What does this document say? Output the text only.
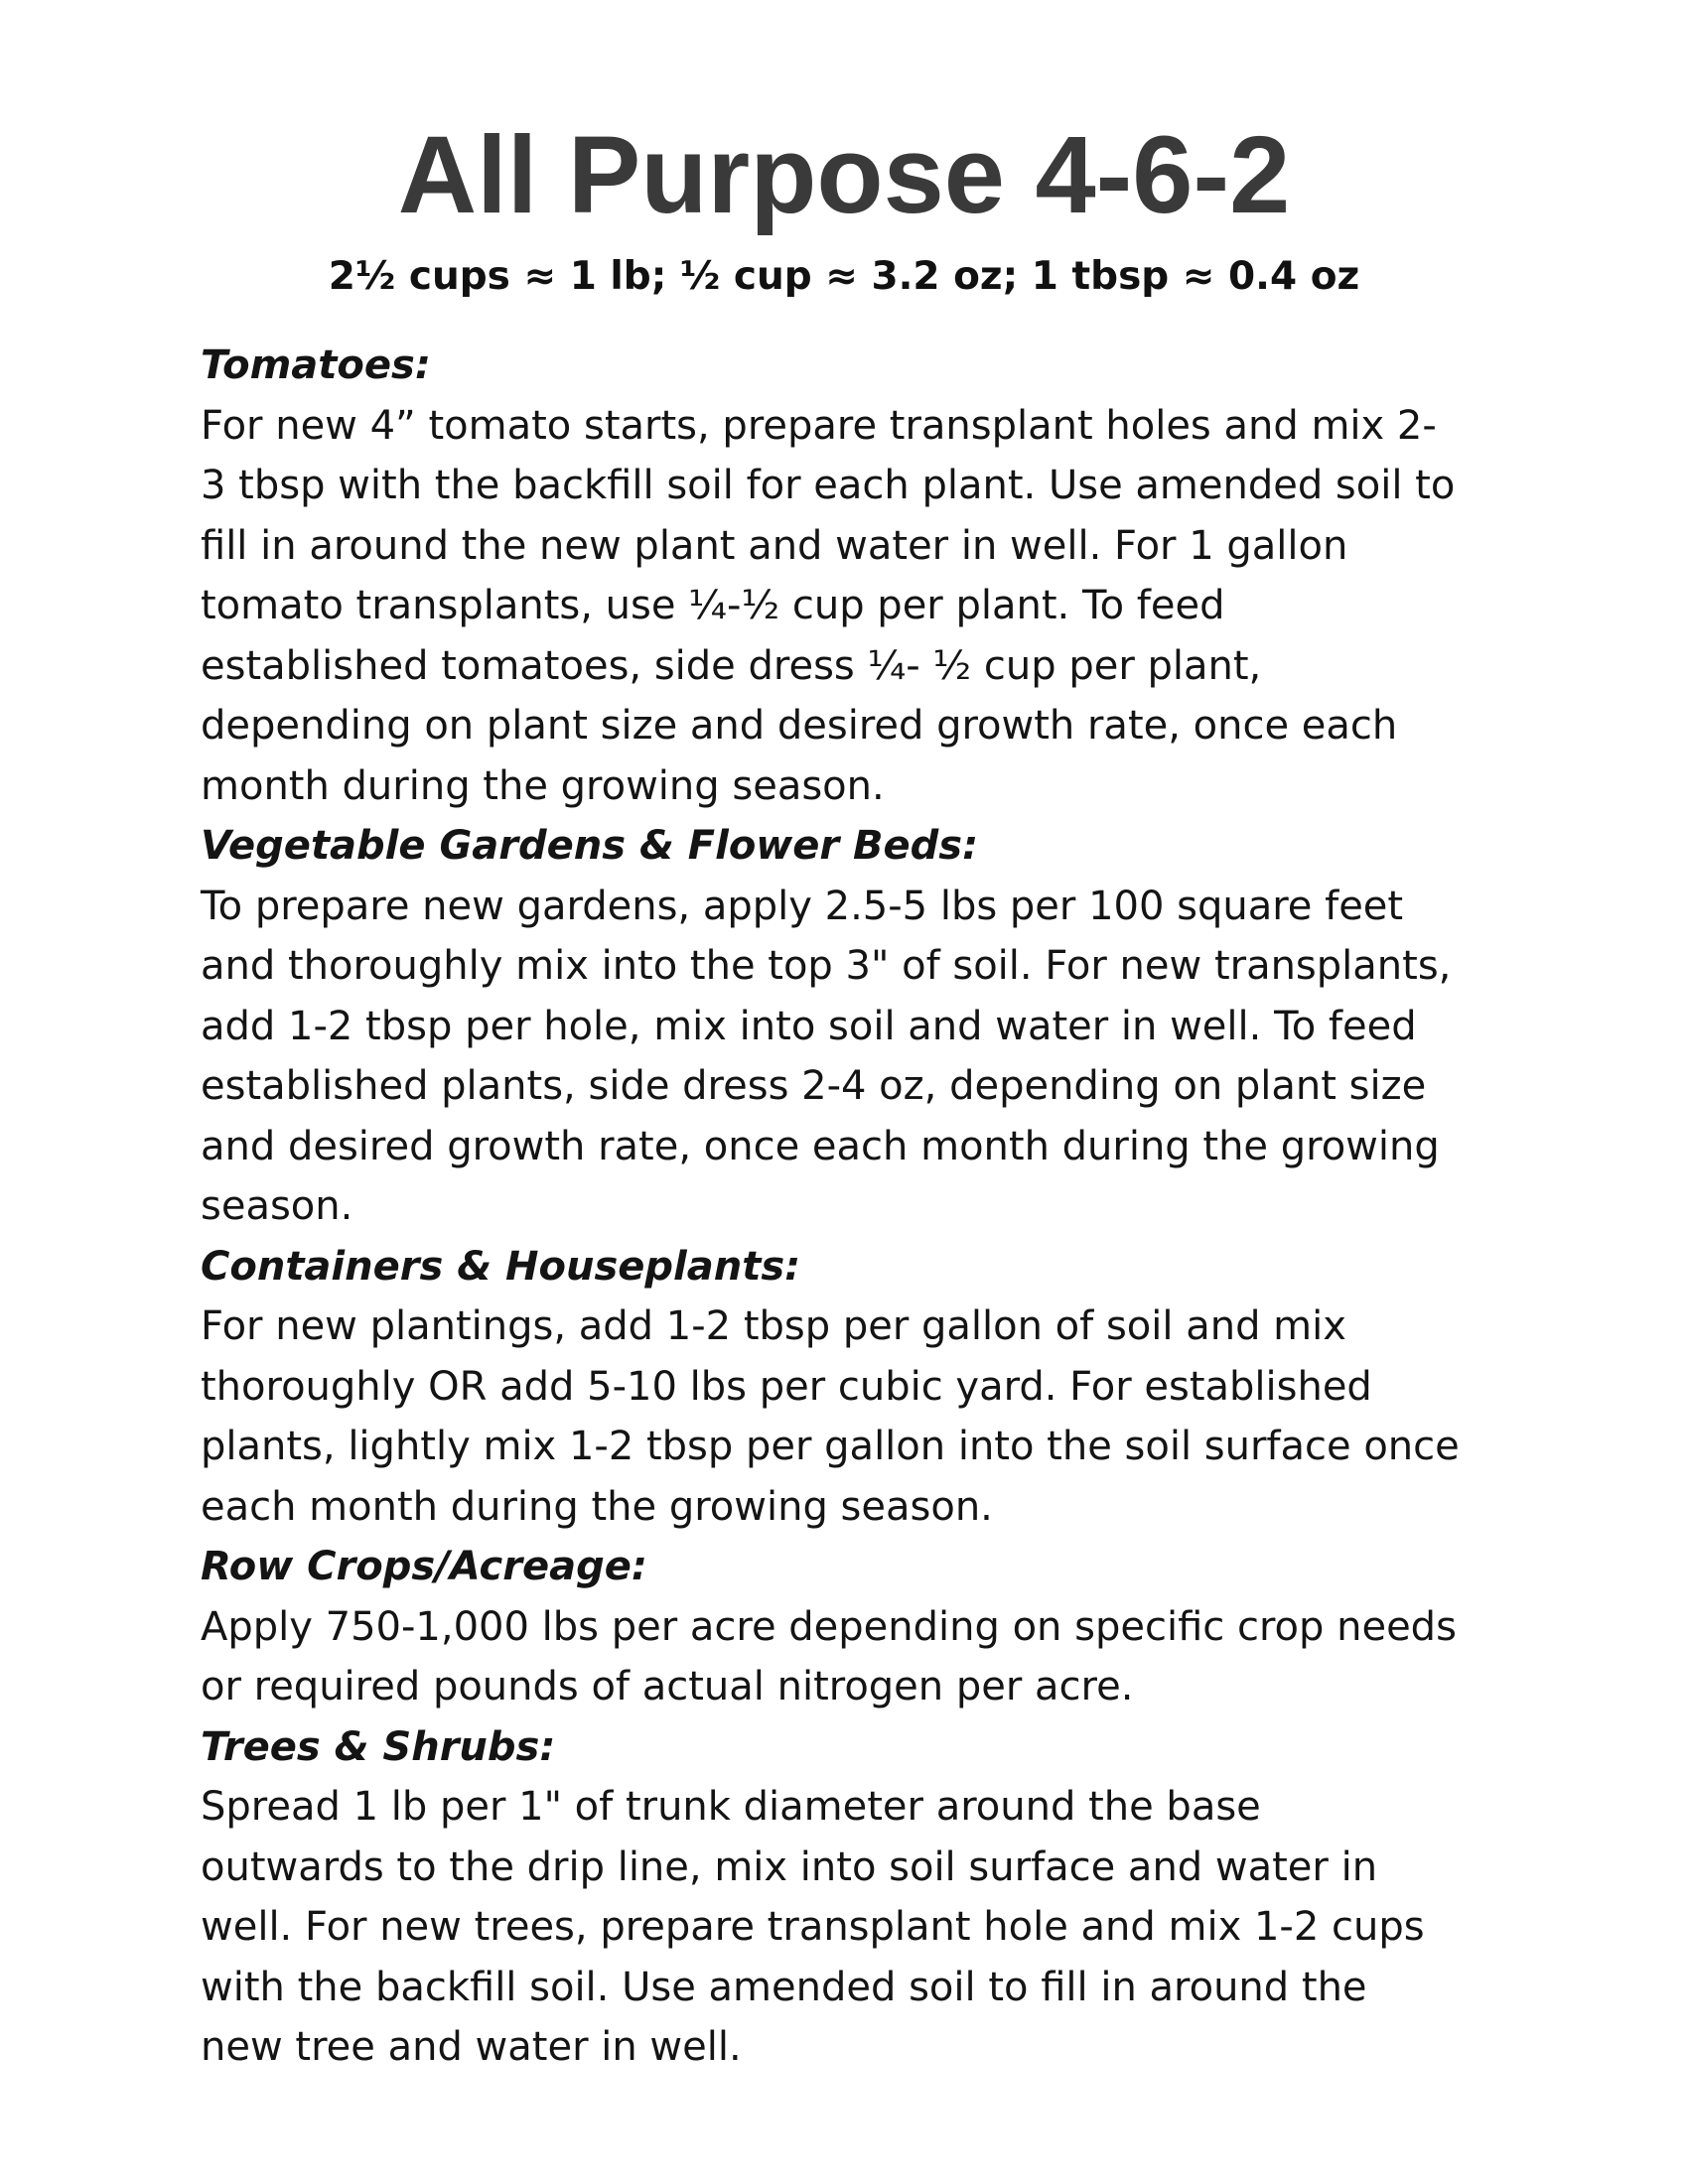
All Purpose 4-6-2
2½ cups ≈ 1 lb; ½ cup ≈ 3.2 oz; 1 tbsp ≈ 0.4 oz
Tomatoes:
For new 4” tomato starts, prepare transplant holes and mix 2-
3 tbsp with the backfill soil for each plant. Use amended soil to
fill in around the new plant and water in well. For 1 gallon
tomato transplants, use ¼-½ cup per plant. To feed
established tomatoes, side dress ¼- ½ cup per plant,
depending on plant size and desired growth rate, once each
month during the growing season.
Vegetable Gardens & Flower Beds:
To prepare new gardens, apply 2.5-5 lbs per 100 square feet
and thoroughly mix into the top 3" of soil. For new transplants,
add 1-2 tbsp per hole, mix into soil and water in well. To feed
established plants, side dress 2-4 oz, depending on plant size
and desired growth rate, once each month during the growing
season.
Containers & Houseplants:
For new plantings, add 1-2 tbsp per gallon of soil and mix
thoroughly OR add 5-10 lbs per cubic yard. For established
plants, lightly mix 1-2 tbsp per gallon into the soil surface once
each month during the growing season.
Row Crops/Acreage:
Apply 750-1,000 lbs per acre depending on specific crop needs
or required pounds of actual nitrogen per acre.
Trees & Shrubs:
Spread 1 lb per 1" of trunk diameter around the base
outwards to the drip line, mix into soil surface and water in
well. For new trees, prepare transplant hole and mix 1-2 cups
with the backfill soil. Use amended soil to fill in around the
new tree and water in well.
